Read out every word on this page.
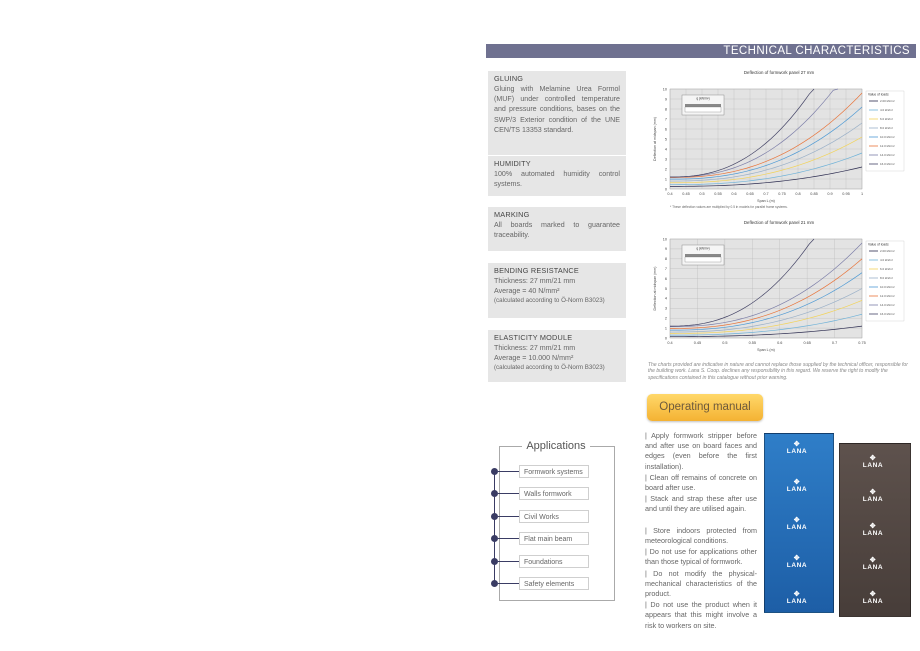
TECHNICAL CHARACTERISTICS
GLUING

Gluing with Melamine Urea Formol (MUF) under controlled temperature and pressure conditions, bases on the SWP/3 Exterior condition of the UNE CEN/TS 13353 standard.

HUMIDITY

100% automated humidity control systems.

MARKING

All boards marked to guarantee traceability.

BENDING RESISTANCE

Thickness: 27 mm/21 mm

Average = 40 N/mm²

(calculated according to Ö-Norm B3023)

ELASTICITY MODULE

Thickness: 27 mm/21 mm

Average = 10.000 N/mm²

(calculated according to Ö-Norm B3023)

Deflection of formwork panel 27 mm
0
1
2
3
4
5
6
7
8
9
10
0.4	0.45	0.5	0.55	0.6	0.65	0.7	0.75	0.8	0.85	0.9	0.95	1
Span L (m)
Deflection at midspan (mm)
* These deflection values are multiplied by 0.5 in models for parallel frame systems.
q (kN/m²)
Value of loads
2.00 kN/m²
4.0 kN/m²
6.0 kN/m²
8.0 kN/m²
10.0 kN/m²
12.0 kN/m²
14.0 kN/m²
16.0 kN/m²
Deflection of formwork panel 21 mm
0
1
2
3
4
5
6
7
8
9
10
0.4	0.45	0.5	0.55	0.6	0.65	0.7	0.75
Span L (m)
Deflection at midspan (mm)
q (kN/m²)
Value of loads
2.00 kN/m²
4.0 kN/m²
6.0 kN/m²
8.0 kN/m²
10.0 kN/m²
12.0 kN/m²
14.0 kN/m²
16.0 kN/m²
The charts provided are indicative in nature and cannot replace those supplied by the technical officer, responsible for the building work. Lana S. Coop. declines any responsibility in this regard. We reserve the right to modify the specifications contained in this catalogue without prior warning.
Operating manual
| Apply formwork stripper before and after use on board faces and edges (even before the first installation).
| Clean off remains of concrete on board after use.
| Stack and strap these after use and until they are utilised again.
| Store indoors protected from meteorological conditions.
| Do not use for applications other than those typical of formwork.
| Do not modify the physical-mechanical characteristics of the product.
| Do not use the product when it appears that this might involve a risk to workers on site.
Applications
Formwork systems
Walls formwork
Civil Works
Flat main beam
Foundations
Safety elements
✥
LANA
✥
LANA
✥
LANA
✥
LANA
✥
LANA
✥
LANA
✥
LANA
✥
LANA
✥
LANA
✥
LANA
